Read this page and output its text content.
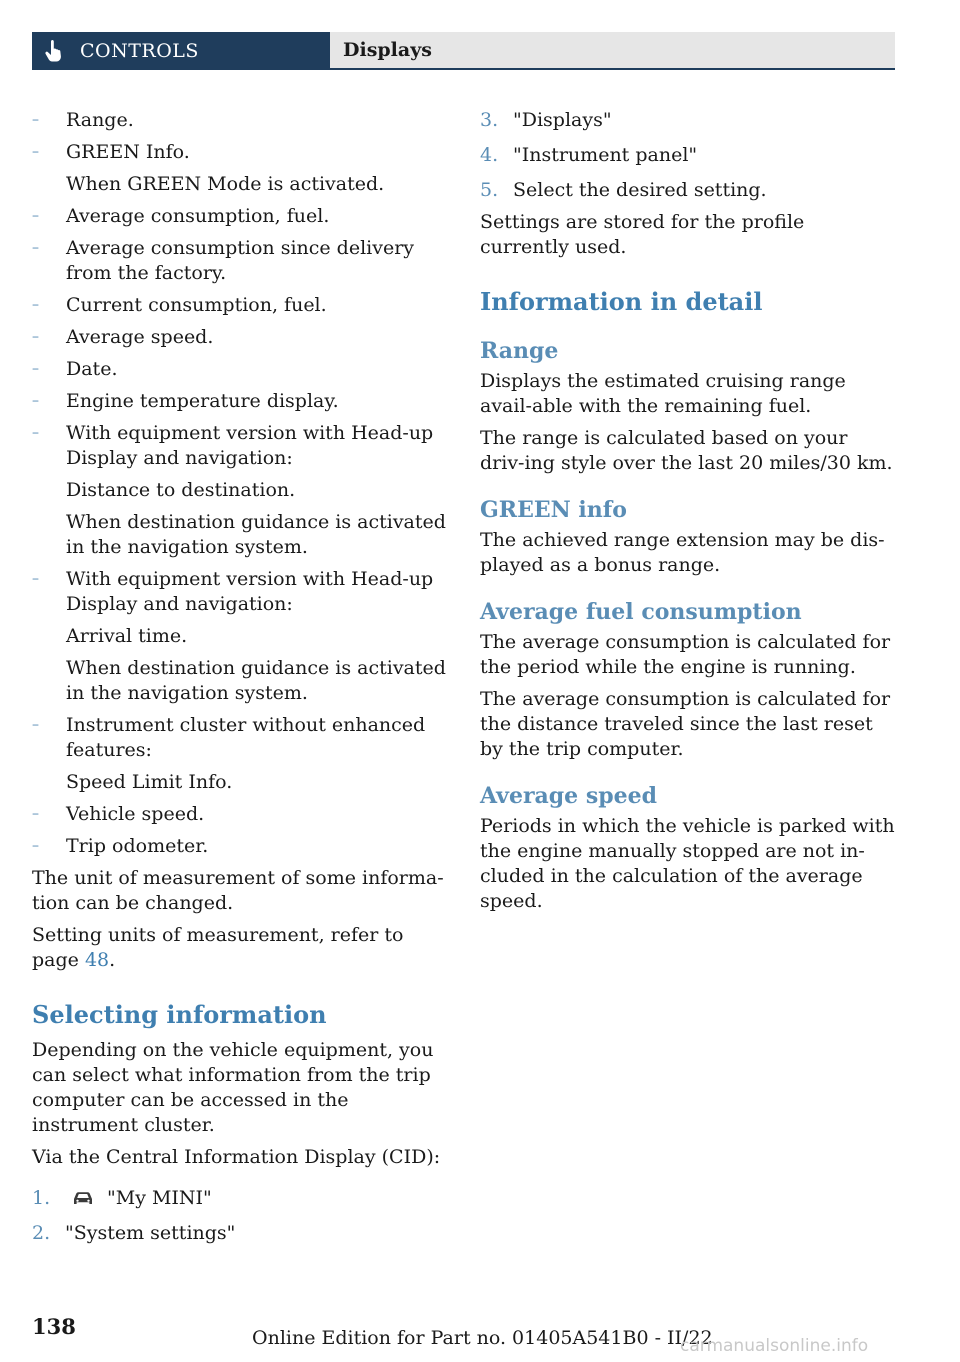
CONTROLS	Displays
– Range.
– GREEN Info.
When GREEN Mode is activated.
– Average consumption, fuel.
– Average consumption since delivery from the factory.
– Current consumption, fuel.
– Average speed.
– Date.
– Engine temperature display.
– With equipment version with Head-up Display and navigation:
Distance to destination.
When destination guidance is activated in the navigation system.
– With equipment version with Head-up Display and navigation:
Arrival time.
When destination guidance is activated in the navigation system.
– Instrument cluster without enhanced features:
Speed Limit Info.
– Vehicle speed.
– Trip odometer.

The unit of measurement of some informa-tion can be changed.

Setting units of measurement, refer to page 48.

Selecting information

Depending on the vehicle equipment, you can select what information from the trip computer can be accessed in the instrument cluster.

Via the Central Information Display (CID):

1.	"My MINI"
2. "System settings"
3. "Displays"
4. "Instrument panel"
5. Select the desired setting.

Settings are stored for the profile currently used.

Information in detail
Range

Displays the estimated cruising range avail-able with the remaining fuel.

The range is calculated based on your driv-ing style over the last 20 miles/30 km.

GREEN info

The achieved range extension may be dis-played as a bonus range.

Average fuel consumption

The average consumption is calculated for the period while the engine is running.

The average consumption is calculated for the distance traveled since the last reset by the trip computer.

Average speed

Periods in which the vehicle is parked with the engine manually stopped are not in-cluded in the calculation of the average speed.

138	Online Edition for Part no. 01405A541B0 - II/22
carmanualsonline.info
